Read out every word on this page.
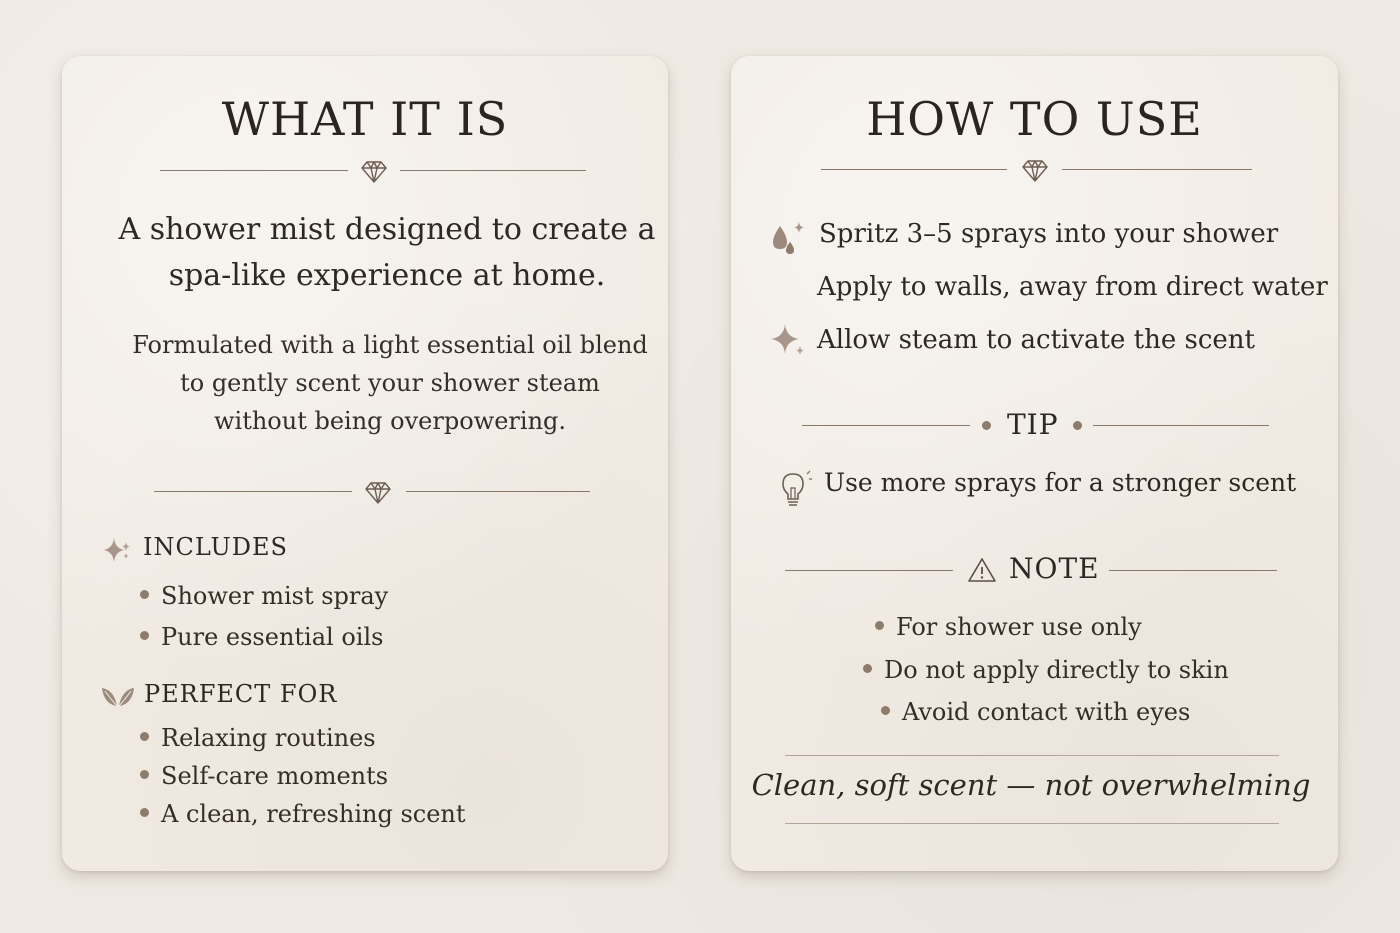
WHAT IT IS
A shower mist designed to create a
spa-like experience at home.
Formulated with a light essential oil blend
to gently scent your shower steam
without being overpowering.
INCLUDES
Shower mist spray
Pure essential oils
PERFECT FOR
Relaxing routines
Self-care moments
A clean, refreshing scent
HOW TO USE
Spritz 3–5 sprays into your shower
Apply to walls, away from direct water
Allow steam to activate the scent
TIP
Use more sprays for a stronger scent
NOTE
For shower use only
Do not apply directly to skin
Avoid contact with eyes
Clean, soft scent — not overwhelming
